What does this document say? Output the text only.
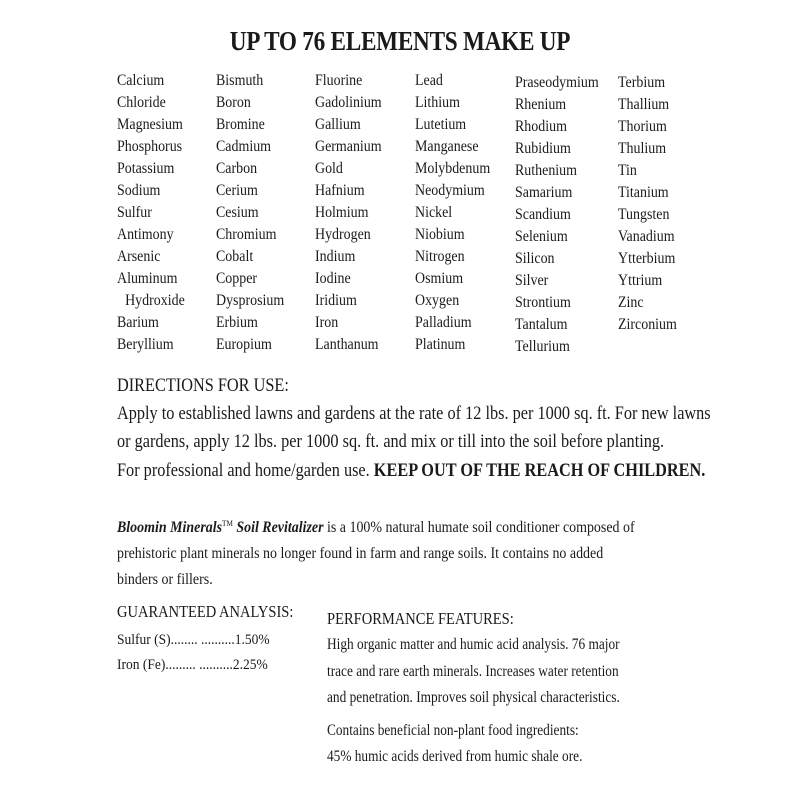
UP TO 76 ELEMENTS MAKE UP
Calcium
Chloride
Magnesium
Phosphorus
Potassium
Sodium
Sulfur
Antimony
Arsenic
Aluminum
Hydroxide
Barium
Beryllium
Bismuth
Boron
Bromine
Cadmium
Carbon
Cerium
Cesium
Chromium
Cobalt
Copper
Dysprosium
Erbium
Europium
Fluorine
Gadolinium
Gallium
Germanium
Gold
Hafnium
Holmium
Hydrogen
Indium
Iodine
Iridium
Iron
Lanthanum
Lead
Lithium
Lutetium
Manganese
Molybdenum
Neodymium
Nickel
Niobium
Nitrogen
Osmium
Oxygen
Palladium
Platinum
Praseodymium
Rhenium
Rhodium
Rubidium
Ruthenium
Samarium
Scandium
Selenium
Silicon
Silver
Strontium
Tantalum
Tellurium
Terbium
Thallium
Thorium
Thulium
Tin
Titanium
Tungsten
Vanadium
Ytterbium
Yttrium
Zinc
Zirconium
DIRECTIONS FOR USE:
Apply to established lawns and gardens at the rate of 12 lbs. per 1000 sq. ft. For new lawns
or gardens, apply 12 lbs. per 1000 sq. ft. and mix or till into the soil before planting.
For professional and home/garden use. KEEP OUT OF THE REACH OF CHILDREN.
Bloomin Minerals™ Soil Revitalizer is a 100% natural humate soil conditioner composed of
prehistoric plant minerals no longer found in farm and range soils. It contains no added
binders or fillers.
GUARANTEED ANALYSIS:
Sulfur (S)........ ..........1.50%
Iron (Fe)......... ..........2.25%
PERFORMANCE FEATURES:
High organic matter and humic acid analysis. 76 major
trace and rare earth minerals. Increases water retention
and penetration. Improves soil physical characteristics.
Contains beneficial non-plant food ingredients:
45% humic acids derived from humic shale ore.
